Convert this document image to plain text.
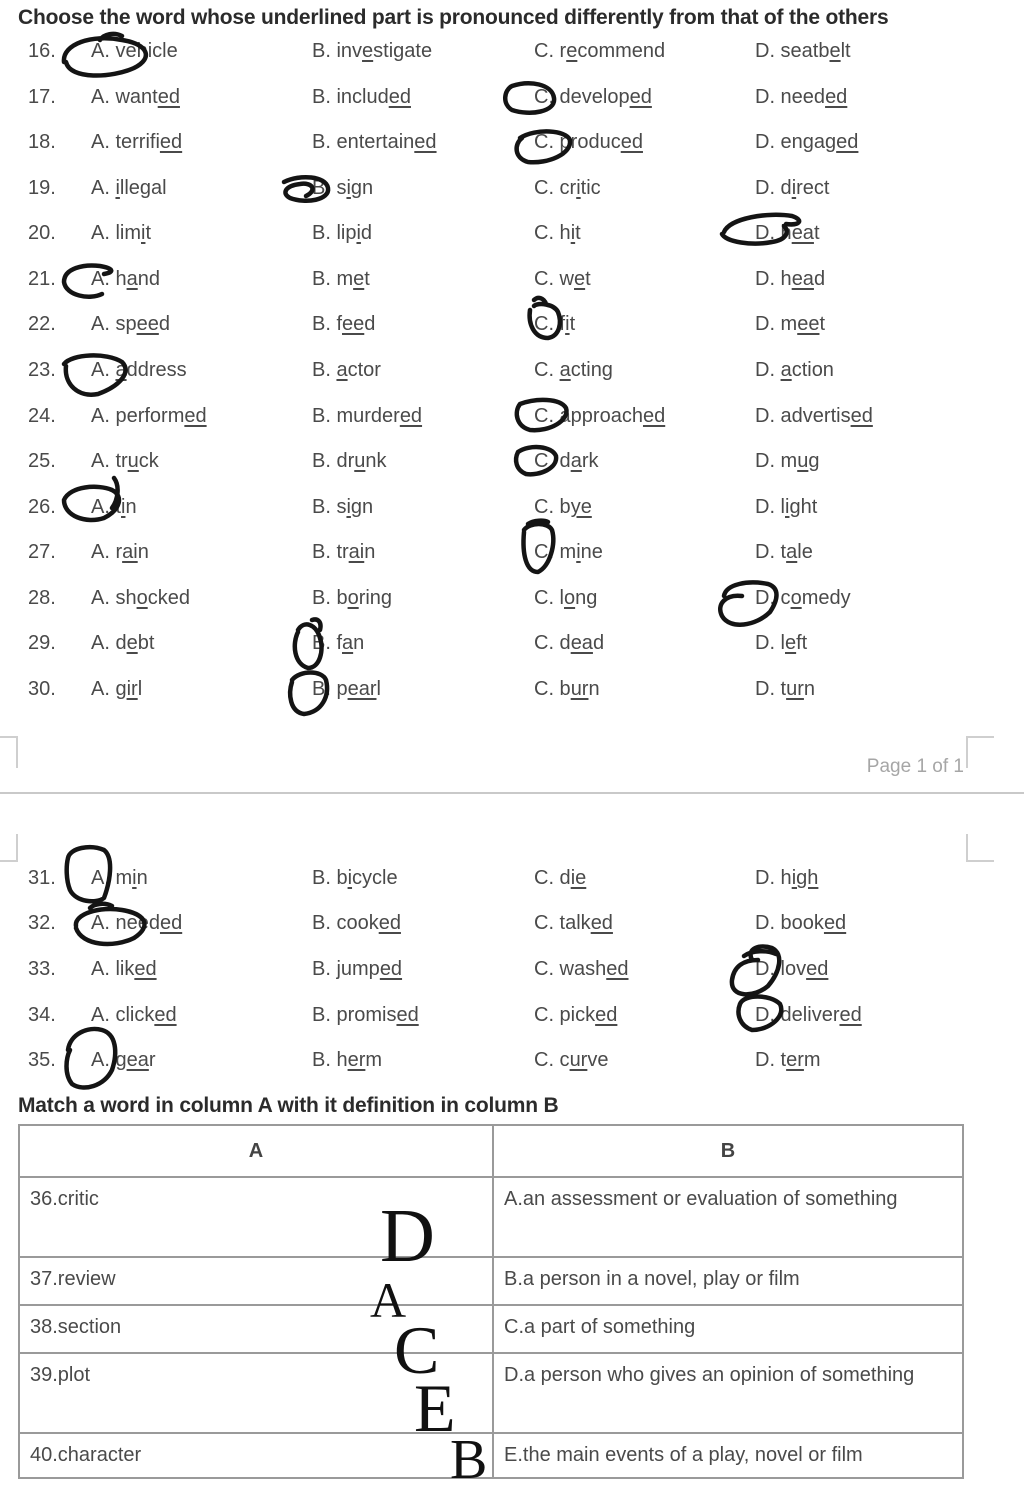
Choose the word whose underlined part is pronounced differently from that of the others
16. A. vehicle	B. investigate	C. recommend	D. seatbelt
17. A. wanted	B. included	C. developed	D. needed
18. A. terrified	B. entertained	C. produced	D. engaged
19. A. illegal	B. sign	C. critic	D. direct
20. A. limit	B. lipid	C. hit	D. heat
21. A. hand	B. met	C. wet	D. head
22. A. speed	B. feed	C. fit	D. meet
23. A. address	B. actor	C. acting	D. action
24. A. performed	B. murdered	C. approached	D. advertised
25. A. truck	B. drunk	C. dark	D. mug
26. A. tin	B. sign	C. bye	D. light
27. A. rain	B. train	C. mine	D. tale
28. A. shocked	B. boring	C. long	D. comedy
29. A. debt	B. fan	C. dead	D. left
30. A. girl	B. pearl	C. burn	D. turn
Page 1 of 1
31. A. min	B. bicycle	C. die	D. high
32. A. needed	B. cooked	C. talked	D. booked
33. A. liked	B. jumped	C. washed	D. loved
34. A. clicked	B. promised	C. picked	D. delivered
35. A. gear	B. herm	C. curve	D. term
Match a word in column A with it definition in column B
A	B
36.critic	A.an assessment or evaluation of something
37.review	B.a person in a novel, play or film
38.section	C.a part of something
39.plot	D.a person who gives an opinion of something
40.character	E.the main events of a play, novel or film
D
A
C
E
B
